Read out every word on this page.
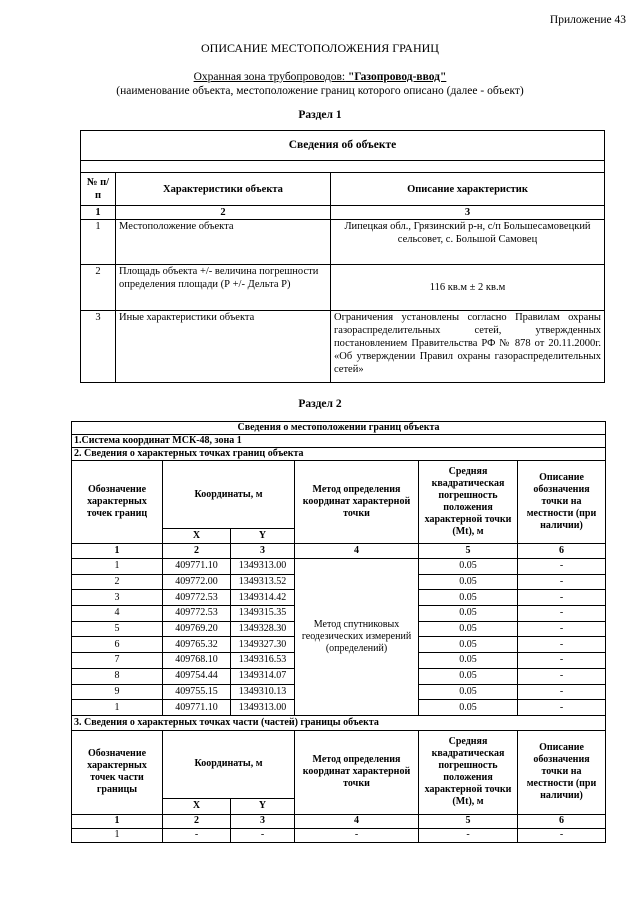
Приложение 43
ОПИСАНИЕ МЕСТОПОЛОЖЕНИЯ ГРАНИЦ
Охранная зона трубопроводов: "Газопровод-ввод"
(наименование объекта, местоположение границ которого описано (далее - объект)
Раздел 1
Сведения об объекте		

№ п/п	Характеристики объекта	Описание характеристик
1	2	3
1	Местоположение объекта	Липецкая обл., Грязинский р-н, с/п Большесамовецкий сельсовет, с. Большой Самовец
2	Площадь объекта +/- величина погрешности определения площади (Р +/- Дельта Р)	116 кв.м ± 2 кв.м
3	Иные характеристики объекта	Ограничения установлены согласно Правилам охраны газораспределительных сетей, утвержденных постановлением Правительства РФ № 878 от 20.11.2000г. «Об утверждении Правил охраны газораспределительных сетей»
Раздел 2
Сведения о местоположении границ объекта					
1.Система координат МСК-48, зона 1					
2. Сведения о характерных точках границ объекта					
Обозначение характерных точек границ	Координаты, м		Метод определения координат характерной точки	Средняя квадратическая погрешность положения характерной точки (Mt), м	Описание обозначения точки на местности (при наличии)
	X	Y			
1	2	3	4	5	6
1	409771.10	1349313.00	Метод спутниковых геодезических измерений (определений)	0.05	-
2	409772.00	1349313.52		0.05	-
3	409772.53	1349314.42		0.05	-
4	409772.53	1349315.35		0.05	-
5	409769.20	1349328.30		0.05	-
6	409765.32	1349327.30		0.05	-
7	409768.10	1349316.53		0.05	-
8	409754.44	1349314.07		0.05	-
9	409755.15	1349310.13		0.05	-
1	409771.10	1349313.00		0.05	-
3. Сведения о характерных точках части (частей) границы объекта					
Обозначение характерных точек части границы	Координаты, м		Метод определения координат характерной точки	Средняя квадратическая погрешность положения характерной точки (Mt), м	Описание обозначения точки на местности (при наличии)
	X	Y			
1	2	3	4	5	6
1	-	-	-	-	-
